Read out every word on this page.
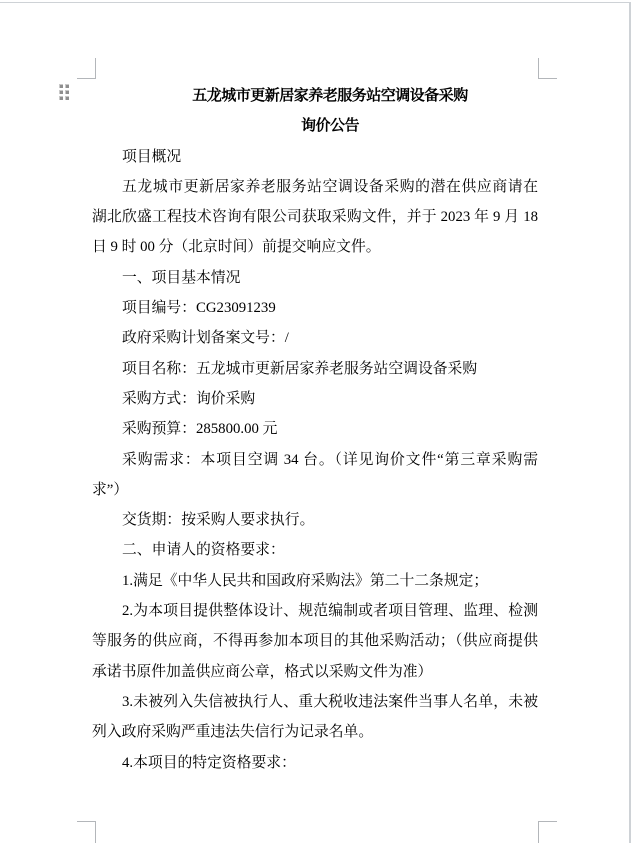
五龙城市更新居家养老服务站空调设备采购
询价公告
项目概况
五龙城市更新居家养老服务站空调设备采购的潜在供应商请在
湖北欣盛工程技术咨询有限公司获取采购文件，并于 2023 年 9 月 18
日 9 时 00 分（北京时间）前提交响应文件。
一、项目基本情况
项目编号：CG23091239
政府采购计划备案文号：/
项目名称：五龙城市更新居家养老服务站空调设备采购
采购方式：询价采购
采购预算：285800.00 元
采购需求：本项目空调 34 台。（详见询价文件“第三章采购需
求”）
交货期：按采购人要求执行。
二、申请人的资格要求：
1.满足《中华人民共和国政府采购法》第二十二条规定；
2.为本项目提供整体设计、规范编制或者项目管理、监理、检测
等服务的供应商，不得再参加本项目的其他采购活动；（供应商提供
承诺书原件加盖供应商公章，格式以采购文件为准）
3.未被列入失信被执行人、重大税收违法案件当事人名单，未被
列入政府采购严重违法失信行为记录名单。
4.本项目的特定资格要求：
